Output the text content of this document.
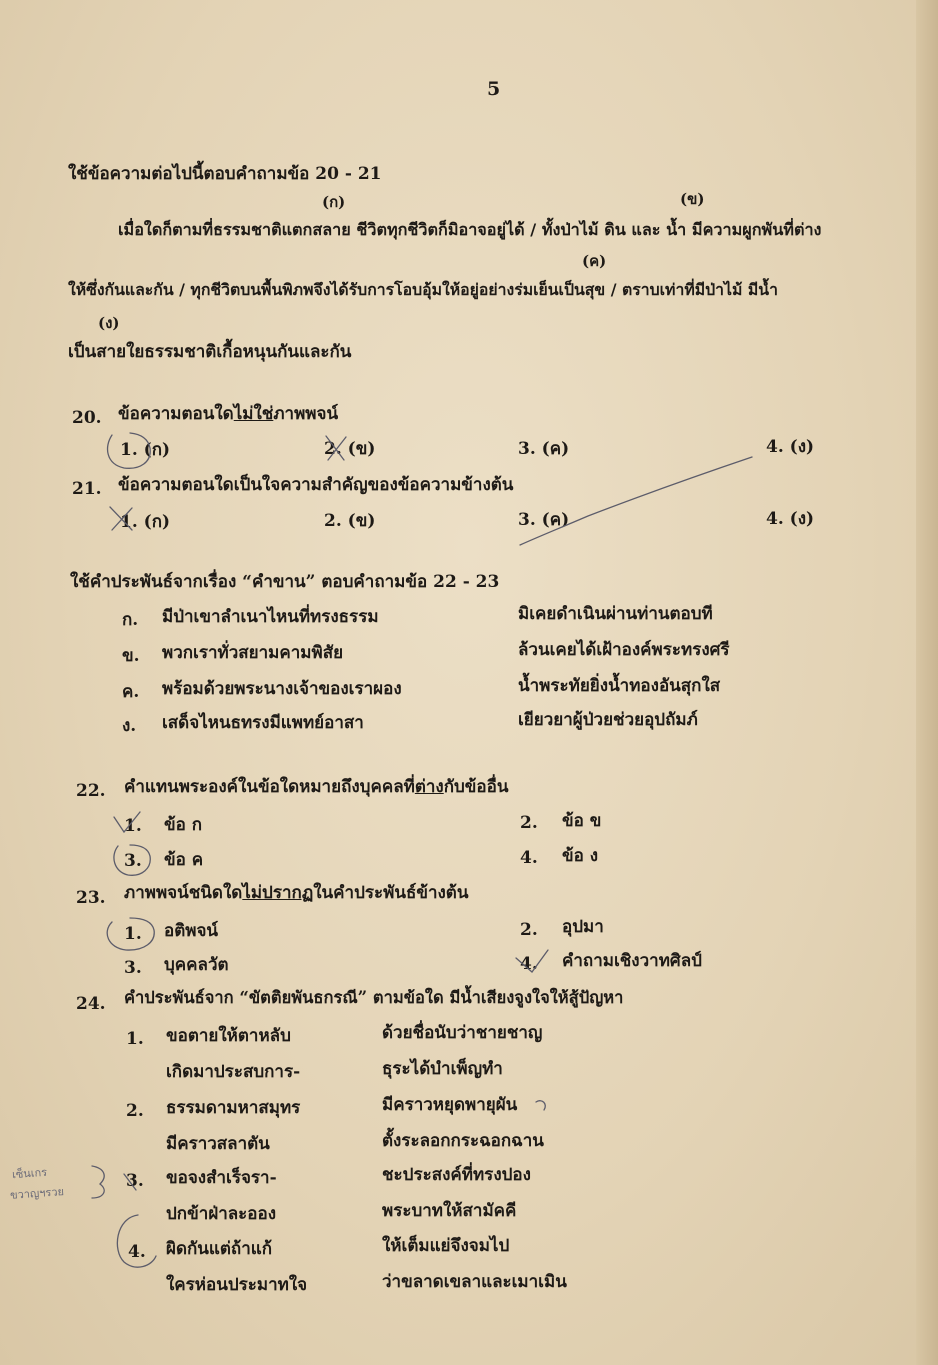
5
ใช้ข้อความต่อไปนี้ตอบคำถามข้อ 20 - 21
(ก)	(ข)
เมื่อใดก็ตามที่ธรรมชาติแตกสลาย ชีวิตทุกชีวิตก็มิอาจอยู่ได้ / ทั้งป่าไม้ ดิน และ น้ำ มีความผูกพันที่ต่าง
(ค)
ให้ซึ่งกันและกัน / ทุกชีวิตบนพื้นพิภพจึงได้รับการโอบอุ้มให้อยู่อย่างร่มเย็นเป็นสุข / ตราบเท่าที่มีป่าไม้ มีน้ำ
(ง)
เป็นสายใยธรรมชาติเกื้อหนุนกันและกัน
20. ข้อความตอนใดไม่ใช่ภาพพจน์
1. (ก)	2. (ข)	3. (ค)	4. (ง)
21. ข้อความตอนใดเป็นใจความสำคัญของข้อความข้างต้น
1. (ก)	2. (ข)	3. (ค)	4. (ง)
ใช้คำประพันธ์จากเรื่อง “คำขาน” ตอบคำถามข้อ 22 - 23
ก. มีป่าเขาลำเนาไหนที่ทรงธรรม	มิเคยดำเนินผ่านท่านตอบที
ข. พวกเราทั่วสยามคามพิสัย	ล้วนเคยได้เฝ้าองค์พระทรงศรี
ค. พร้อมด้วยพระนางเจ้าของเราผอง	น้ำพระทัยยิ่งน้ำทองอันสุกใส
ง. เสด็จไหนธทรงมีแพทย์อาสา	เยียวยาผู้ป่วยช่วยอุปถัมภ์
22. คำแทนพระองค์ในข้อใดหมายถึงบุคคลที่ต่างกับข้ออื่น
1. ข้อ ก	2. ข้อ ข
3. ข้อ ค	4. ข้อ ง
23. ภาพพจน์ชนิดใดไม่ปรากฏในคำประพันธ์ข้างต้น
1. อติพจน์	2. อุปมา
3. บุคคลวัต	4. คำถามเชิงวาทศิลป์
24. คำประพันธ์จาก “ขัตติยพันธกรณี” ตามข้อใด มีน้ำเสียงจูงใจให้สู้ปัญหา
1. ขอตายให้ตาหลับ	ด้วยชื่อนับว่าชายชาญ
เกิดมาประสบการ-	ธุระได้บำเพ็ญทำ
2. ธรรมดามหาสมุทร	มีคราวหยุดพายุผัน
มีคราวสลาตัน	ตั้งระลอกกระฉอกฉาน
3. ขอจงสำเร็จรา-	ชะประสงค์ที่ทรงปอง
ปกข้าฝ่าละออง	พระบาทให้สามัคคี
4. ผิดกันแต่ถ้าแก้	ให้เต็มแย่จึงจมไป
ใครห่อนประมาทใจ	ว่าขลาดเขลาและเมาเมิน
เซ็นเกร
ขวาญฯรวย
